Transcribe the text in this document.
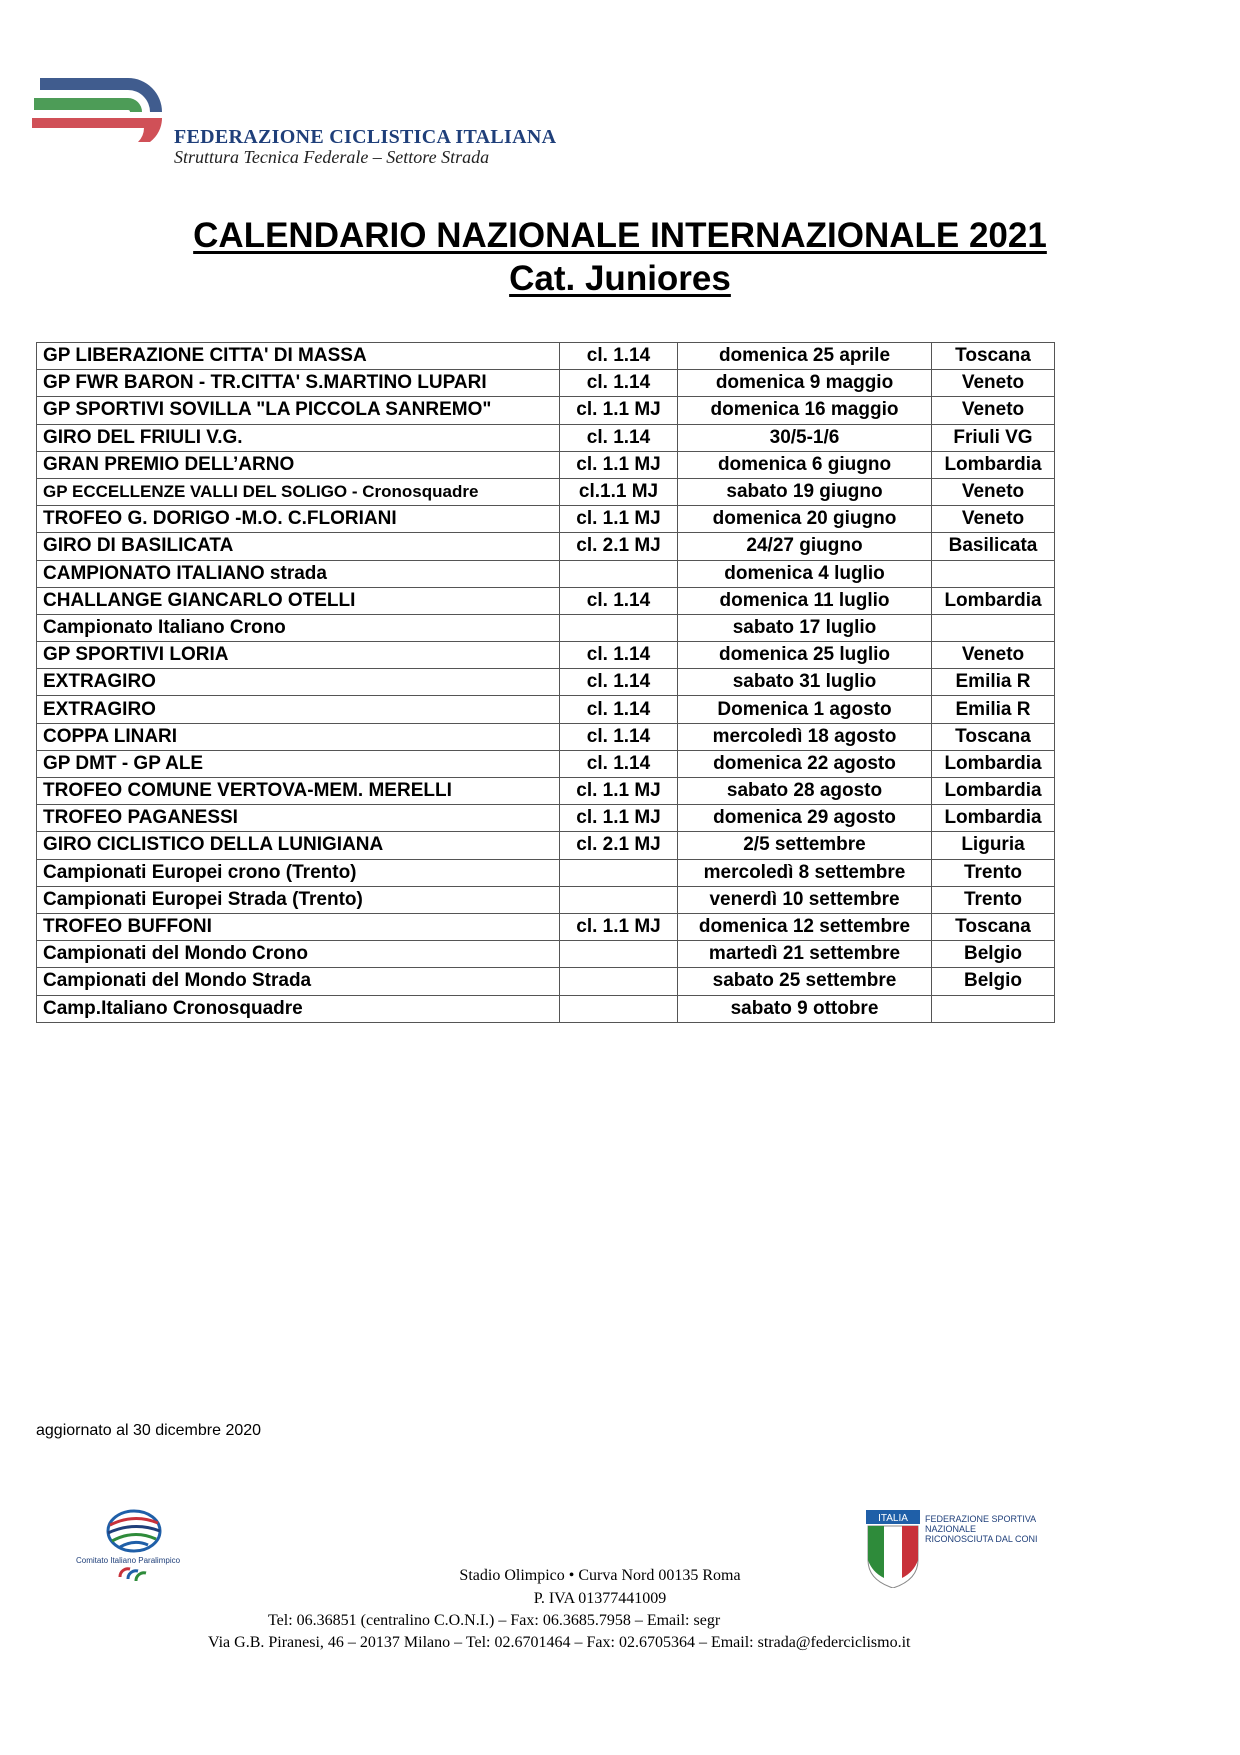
FEDERAZIONE CICLISTICA ITALIANA
Struttura Tecnica Federale – Settore Strada
CALENDARIO NAZIONALE INTERNAZIONALE 2021
Cat. Juniores
GP LIBERAZIONE CITTA' DI MASSA	cl. 1.14	domenica 25 aprile	Toscana
GP FWR BARON - TR.CITTA' S.MARTINO LUPARI	cl. 1.14	domenica 9 maggio	Veneto
GP SPORTIVI SOVILLA "LA PICCOLA SANREMO"	cl. 1.1 MJ	domenica 16 maggio	Veneto
GIRO DEL FRIULI V.G.	cl. 1.14	30/5-1/6	Friuli VG
GRAN PREMIO DELL’ARNO	cl. 1.1 MJ	domenica 6 giugno	Lombardia
GP ECCELLENZE VALLI DEL SOLIGO - Cronosquadre	cl.1.1 MJ	sabato 19 giugno	Veneto
TROFEO G. DORIGO -M.O. C.FLORIANI	cl. 1.1 MJ	domenica 20 giugno	Veneto
GIRO DI BASILICATA	cl. 2.1 MJ	24/27 giugno	Basilicata
CAMPIONATO ITALIANO strada		domenica 4 luglio	
CHALLANGE GIANCARLO OTELLI	cl. 1.14	domenica 11 luglio	Lombardia
Campionato Italiano Crono		sabato 17 luglio	
GP SPORTIVI LORIA	cl. 1.14	domenica 25 luglio	Veneto
EXTRAGIRO	cl. 1.14	sabato 31 luglio	Emilia R
EXTRAGIRO	cl. 1.14	Domenica 1 agosto	Emilia R
COPPA LINARI	cl. 1.14	mercoledì 18 agosto	Toscana
GP DMT - GP ALE	cl. 1.14	domenica 22 agosto	Lombardia
TROFEO COMUNE VERTOVA-MEM. MERELLI	cl. 1.1 MJ	sabato 28 agosto	Lombardia
TROFEO PAGANESSI	cl. 1.1 MJ	domenica 29 agosto	Lombardia
GIRO CICLISTICO DELLA LUNIGIANA	cl. 2.1 MJ	2/5 settembre	Liguria
Campionati Europei crono (Trento)		mercoledì 8 settembre	Trento
Campionati Europei Strada (Trento)		venerdì 10 settembre	Trento
TROFEO BUFFONI	cl. 1.1 MJ	domenica 12 settembre	Toscana
Campionati del Mondo Crono		martedì 21 settembre	Belgio
Campionati del Mondo Strada		sabato 25 settembre	Belgio
Camp.Italiano Cronosquadre		sabato 9 ottobre	
aggiornato al 30 dicembre 2020
Comitato Italiano Paralimpico
ITALIA FEDERAZIONE SPORTIVA NAZIONALE RICONOSCIUTA DAL CONI
Stadio Olimpico • Curva Nord 00135 Roma
P. IVA 01377441009
Tel: 06.36851 (centralino C.O.N.I.) – Fax: 06.3685.7958 – Email: segr
Via G.B. Piranesi, 46 – 20137 Milano – Tel: 02.6701464 – Fax: 02.6705364 – Email: strada@federciclismo.it
